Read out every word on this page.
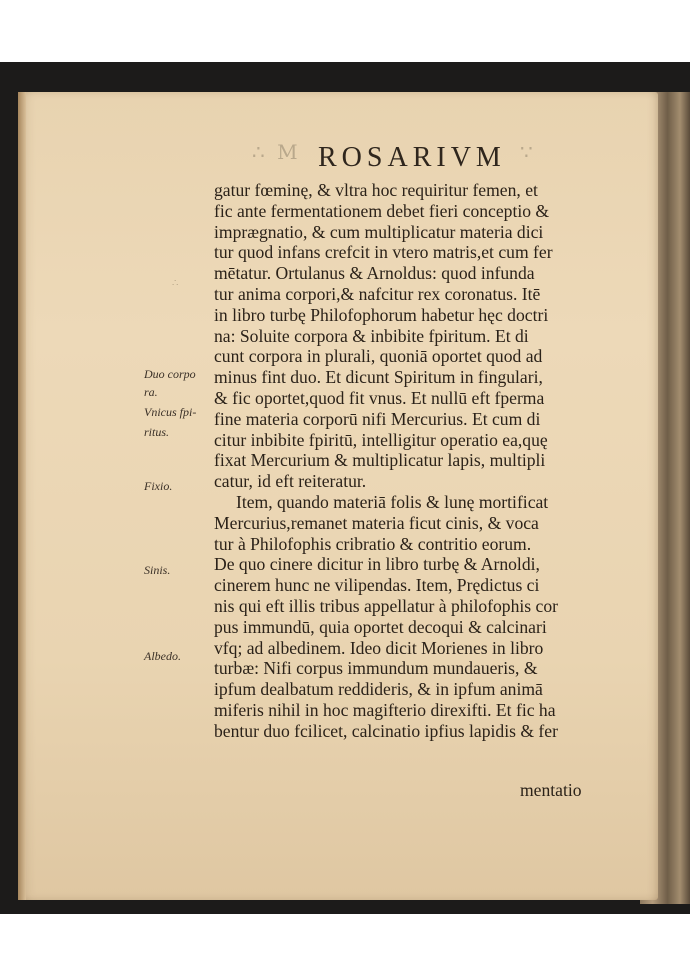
∴ M ROSARIVM ∵
∴
gatur fœminę, & vltra hoc requiritur femen, et
fic ante fermentationem debet fieri conceptio &
imprægnatio, & cum multiplicatur materia dici
tur quod infans crefcit in vtero matris,et cum fer
mētatur. Ortulanus & Arnoldus: quod infunda
tur anima corpori,& nafcitur rex coronatus. Itē
in libro turbę Philofophorum habetur hęc doctri
na: Soluite corpora & inbibite fpiritum. Et di
cunt corpora in plurali, quoniā oportet quod ad
minus fint duo. Et dicunt Spiritum in fingulari,
& fic oportet,quod fit vnus. Et nullū eft fperma
fine materia corporū nifi Mercurius. Et cum di
citur inbibite fpiritū, intelligitur operatio ea,quę
fixat Mercurium & multiplicatur lapis, multipli
catur, id eft reiteratur.
Item, quando materiā folis & lunę mortificat
Mercurius,remanet materia ficut cinis, & voca
tur à Philofophis cribratio & contritio eorum.
De quo cinere dicitur in libro turbę & Arnoldi,
cinerem hunc ne vilipendas. Item, Prędictus ci
nis qui eft illis tribus appellatur à philofophis cor
pus immundū, quia oportet decoqui & calcinari
vfq; ad albedinem. Ideo dicit Morienes in libro
turbæ: Nifi corpus immundum mundaueris, &
ipfum dealbatum reddideris, & in ipfum animā
miferis nihil in hoc magifterio direxifti. Et fic ha
bentur duo fcilicet, calcinatio ipfius lapidis & fer
mentatio
Duo corpo
ra.
Vnicus fpi-
ritus.
Fixio.
Sinis.
Albedo.
